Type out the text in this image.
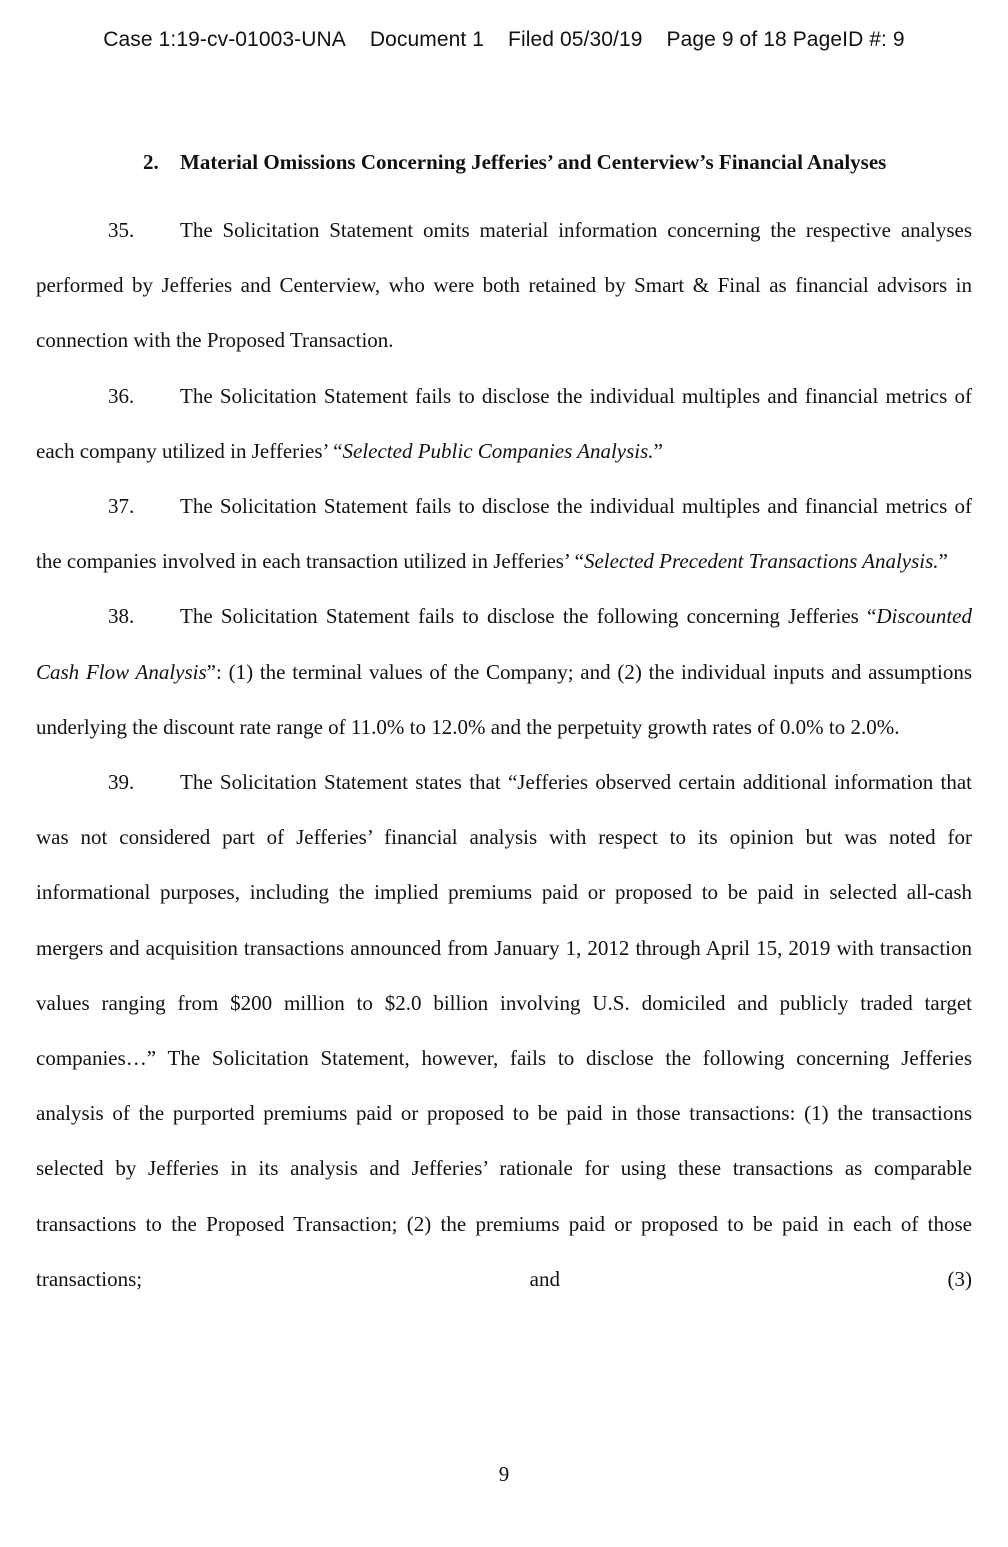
Case 1:19-cv-01003-UNA Document 1 Filed 05/30/19 Page 9 of 18 PageID #: 9
2.	Material Omissions Concerning Jefferies’ and Centerview’s Financial Analyses

35. The Solicitation Statement omits material information concerning the respective analyses performed by Jefferies and Centerview, who were both retained by Smart & Final as financial advisors in connection with the Proposed Transaction.

36. The Solicitation Statement fails to disclose the individual multiples and financial metrics of each company utilized in Jefferies’ “Selected Public Companies Analysis.”

37. The Solicitation Statement fails to disclose the individual multiples and financial metrics of the companies involved in each transaction utilized in Jefferies’ “Selected Precedent Transactions Analysis.”

38. The Solicitation Statement fails to disclose the following concerning Jefferies “Discounted Cash Flow Analysis”: (1) the terminal values of the Company; and (2) the individual inputs and assumptions underlying the discount rate range of 11.0% to 12.0% and the perpetuity growth rates of 0.0% to 2.0%.

39. The Solicitation Statement states that “Jefferies observed certain additional information that was not considered part of Jefferies’ financial analysis with respect to its opinion but was noted for informational purposes, including the implied premiums paid or proposed to be paid in selected all-cash mergers and acquisition transactions announced from January 1, 2012 through April 15, 2019 with transaction values ranging from $200 million to $2.0 billion involving U.S. domiciled and publicly traded target companies…” The Solicitation Statement, however, fails to disclose the following concerning Jefferies analysis of the purported premiums paid or proposed to be paid in those transactions: (1) the transactions selected by Jefferies in its analysis and Jefferies’ rationale for using these transactions as comparable transactions to the Proposed Transaction; (2) the premiums paid or proposed to be paid in each of those transactions; and (3)

9
